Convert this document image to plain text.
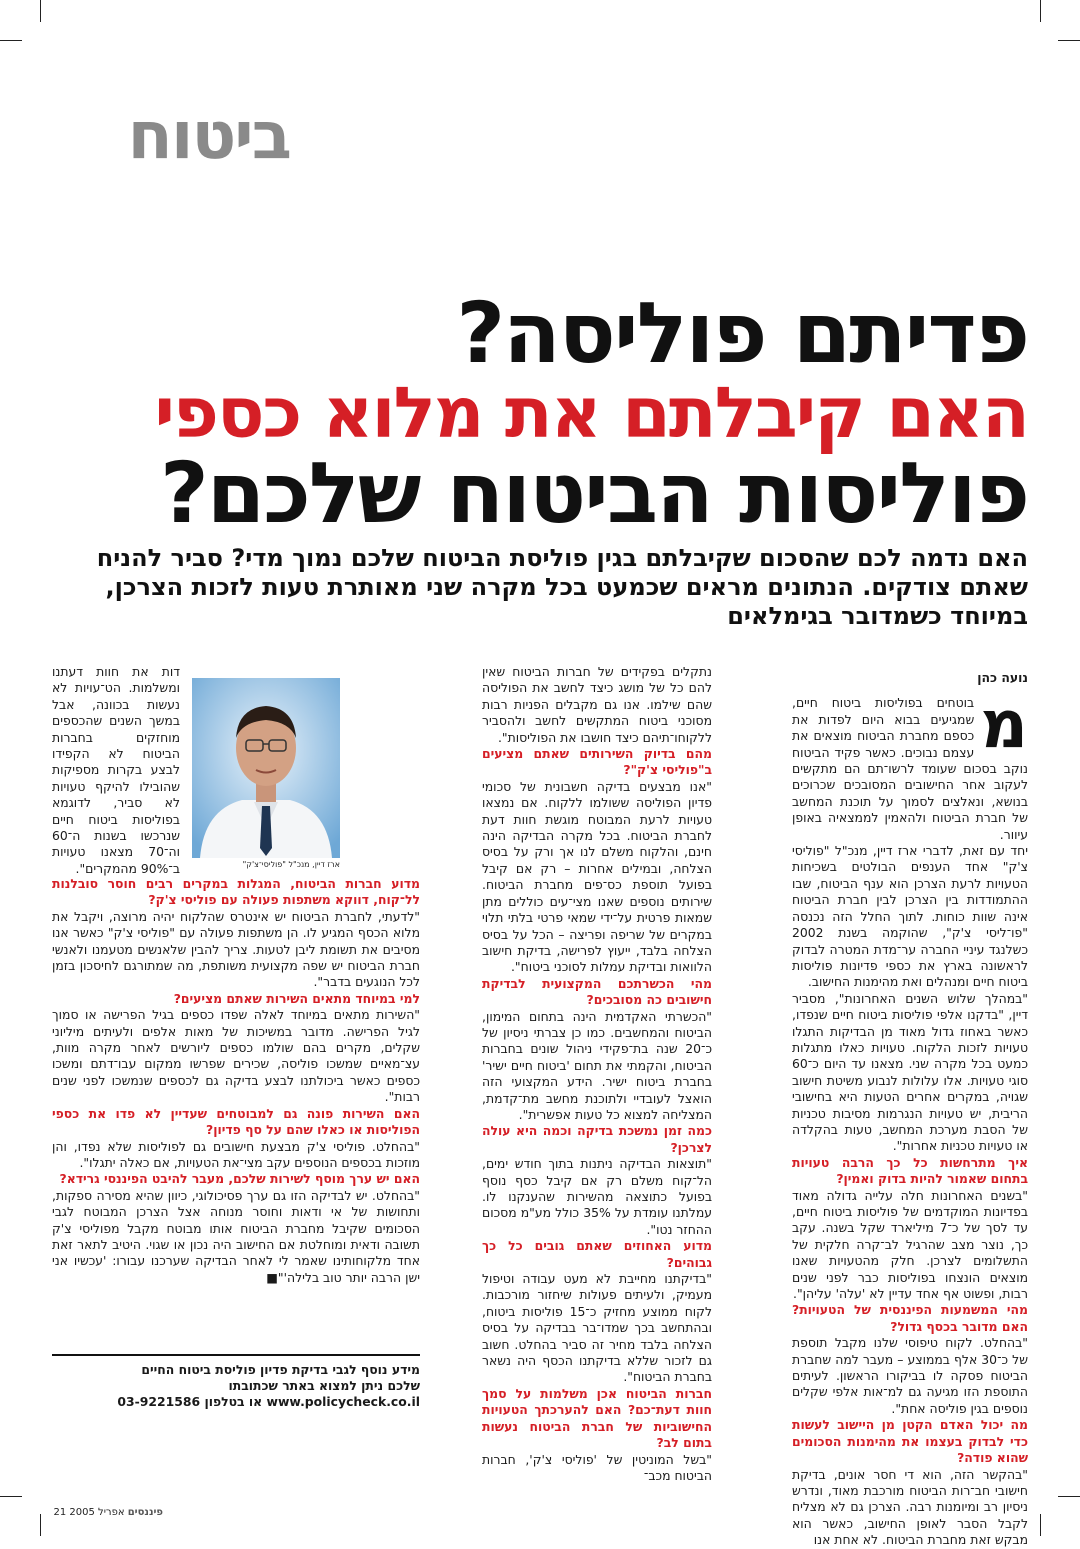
ביטוח
פדיתם פוליסה?
האם קיבלתם את מלוא כספי
פוליסות הביטוח שלכם?
האם נדמה לכם שהסכום שקיבלתם בגין פוליסת הביטוח שלכם נמוך מדי? סביר להניח שאתם צודקים. הנתונים מראים שכמעט בכל מקרה שני מאותרת טעות לזכות הצרכן, במיוחד כשמדובר בגימלאים
נועה כהן
מ

בוטחים בפוליסות ביטוח חיים, שמגיעים בבוא היום לפדות את כספם מחברת הביטוח מוצאים את עצמם נבוכים. כאשר פקיד הביטוח נוקב בסכום שעומד לרשו־תם הם מתקשים לעקוב אחר החישובים המסובכים שכרוכים בנושא, ונאלצים לסמוך על תוכנת המחשב של חברת הביטוח ולהאמין לממצאיה באופן עיוור.

יחד עם זאת, לדברי ארז דיין, מנכ"ל "פוליסי צ'ק" אחד הענפים הבולטים בשכיחות הטעויות לרעת הצרכן הוא ענף הביטוח, שבו ההתמודדות בין הצרכן לבין חברת הביטוח אינה שוות כוחות. לתוך החלל הזה נכנסה "פו־ליסי צ'ק", שהוקמה בשנת 2002 כשלנגד עיניי החברה ער־מדת המטרה לבדוק לראשונה בארץ את כספי פדיונות פוליסות ביטוח חיים ומנהלים ואת מהימנות החישוב.

"במהלך שלוש השנים האחרונות", מסביר דיין, "בדקנו אלפי פוליסות ביטוח חיים שנפדו, כאשר באחוז גדול מאוד מן הבדיקות התגלו טעויות לזכות הלקוח. טעויות כאלו מתגלות כמעט בכל מקרה שני. מצאנו עד היום כ־60 סוגי טעויות. אלו עלולות לנבוע משיטת חישוב שגויה, במקרים אחרים הטעות היא בחישובי הריבית, יש טעויות הנגרמות מסיבות טכניות של הסבת מערכת המחשב, טעות בהקלדה או טעויות טכניות אחרות".

איך מתרחשות כל כך הרבה טעויות בתחום שאמור להיות בדוק ואמין?

"בשנים האחרונות חלה עלייה גדולה מאוד בפדיונות המוקדמים של פוליסות ביטוח חיים, עד לסך של כ־7 מיליארד שקל בשנה. עקב כך, נוצר מצב שהרגיל לב־קרה חלקית של התשלומים לצרכן. חלק מהטעויות שאנו מוצאים הונצחו בפוליסות כבר לפני שנים רבות, ופשוט אף אחד עדיין לא 'עלה' עליהן".

מהי המשמעות הפיננסית של הטעויות? האם מדובר בכסף גדול?

"בהחלט. לקוח טיפוסי שלנו מקבל תוספת של כ־30 אלף בממוצע – מעבר למה שחברת הביטוח פסקה לו בביקורו הראשון. לעיתים התוספת הזו מגיעה גם למ־אות אלפי שקלים נוספים בגין פוליסה אחת".

מה יכול האדם הקטן מן היישוב לעשות כדי לבדוק בעצמו את מהימנות הסכומים שהוא פודה?

"בהקשר הזה, הוא די חסר אונים, בדיקת חישובי חב־רות הביטוח מורכבת מאוד, ונדרש ניסיון רב ומיומנות רבה. הצרכן גם לא מצליח לקבל הסבר לאופן החישוב, כאשר הוא מבקש זאת מחברת הביטוח. לא אחת אנו

נתקלים בפקידים של חברות הביטוח שאין להם כל של מושג כיצד לחשב את הפוליסה שהם שילמו. אנו גם מקבלים הפניות רבות מסוכני ביטוח המתקשים לחשב ולהסביר ללקוחו־תיהם כיצד חושבו את הפוליסות".

מהם בדיוק השירותים שאתם מציעים ב"פוליסי צ'ק"?

"אנו מבצעים בדיקה חשבונית של סכומי פדיון הפוליסה ששולמו ללקוח. אם נמצאו טעויות לרעת המבוטח מוגשת חוות דעת לחברת הביטוח. בכל מקרה הבדיקה הינה חינם, והלקוח משלם לנו אך ורק על בסיס הצלחה, ובמילים אחרות – רק אם קיבל בפועל תוספת כס־פים מחברת הביטוח. שירותים נוספים שאנו מצי־עים כוללים מתן שמאות פרטית על־ידי שמאי פרטי בלתי תלוי במקרים של שריפה ופריצה – הכל על בסיס הצלחה בלבד, ייעוץ לפרישה, בדיקת חישוב הלוואות ובדיקת עמלות לסוכני ביטוח".

מהי הכשרתכם המקצועית לבדיקת חישובים כה מסובכים?

"הכשרתי האקדמית הינה בתחום המימון, הביטוח והמחשבים. כמו כן צברתי ניסיון של כ־20 שנה בת־פקידי ניהול שונים בחברות הביטוח, והקמתי את תחום 'ביטוח חיים ישיר' בחברת ביטוח ישיר. הידע המקצועי הזה הואצל לעובדיי ולתוכנת מחשב מת־קדמת, המצליחה למצוא כל טעות אפשרית".

כמה זמן נמשכת בדיקה וכמה היא עולה לצרכן?

"תוצאות הבדיקה ניתנות בתוך חודש ימים, הל־קוח משלם רק אם קיבל כסף נוסף בפועל כתוצאה מהשירות שהענקנו לו. עמלתנו עומדת על 35% כולל מע"מ מסכום ההחזר נטו".

מדוע האחוזים שאתם גובים כל כך גבוהים?

"בדיקתנו מחייבת לא מעט עבודה וטיפול מעמיק, ולעיתים פעולות שיחזור מורכבות. לקוח ממוצע מחזיק כ־15 פוליסות ביטוח, ובהתחשב בכך שמדו־בר בבדיקה על בסיס הצלחה בלבד מחיר זה סביר בהחלט. חשוב גם לזכור שללא בדיקתנו הכסף היה נשאר בחברת הביטוח".

חברות הביטוח אכן משלמות על סמך חוות דעת־כם? האם להערכתך הטעויות החישוביות של חברת הביטוח נעשות בתום לב?

"בשל המוניטין של 'פוליסי צ'ק', חברות הביטוח מכב־

ארז דיין, מנכ"ל "פוליסי־צ'ק"

דות את חוות דעתנו ומשלמות. הט־עויות לא נעשות בכוונה, אבל במשך השנים שהכספים מוחזקים בחברות הביטוח לא הקפידו לבצע בקרות מספיקות שהובילו להיקף טעויות לא סביר, לדוגמא בפוליסות ביטוח חיים שנרכשו בשנות ה־60 וה־70 מצאנו טעויות ב־90% מהמקרים".

מדוע חברות הביטוח, המגלות במקרים רבים חוסר סובלנות לל־קוח, דווקא משתפות פעולה עם פוליסי צ'ק?

"לדעתי, לחברת הביטוח יש אינטרס שהלקוח יהיה מרוצה, ויקבל את מלוא הכסף המגיע לו. הן משתפות פעולה עם "פוליסי צ'ק" כאשר אנו מסיבים את תשומת ליבן לטעות. צריך להבין שלאנשים מטעמנו ולאנשי חברת הביטוח יש שפה מקצועית משותפת, מה שמתורגם לחיסכון בזמן לכל הנוגעים בדבר".

למי במיוחד מתאים השירות שאתם מציעים?

"השירות מתאים במיוחד לאלה שפדו כספים בגיל הפרישה או סמוך לגיל הפרישה. מדובר במשיכות של מאות אלפים ולעיתים מיליוני שקלים, מקרים בהם שולמו כספים ליורשים לאחר מקרה מוות, עצ־מאיים שמשכו פוליסה, שכירים שפרשו ממקום עבו־דתם ומשכו כספים כאשר ביכולתנו לבצע בדיקה גם לכספים שנמשכו לפני שנים רבות".

האם השירות פונה גם למבוטחים שעדיין לא פדו את כספי הפוליסות או כאלו שהם על סף פדיון?

"בהחלט. פוליסי צ'ק מבצעת חישובים גם לפוליסות שלא נפדו, והן מוזכות בכספים הנוספים עקב מצי־את הטעויות, אם כאלה יתגלו".

האם יש ערך מוסף לשירות שלכם, מעבר להיבט הפיננסי גרידא?

"בהחלט. יש לבדיקה הזו גם ערך פסיכולוגי, כיוון שהיא מסירה ספקות, ותחושות של אי ודאות וחוסר מנוחה אצל הצרכן המבוטח לגבי הסכומים שקיבל מחברת הביטוח אותו מבוטח מקבל מפוליסי צ'ק תשובה ודאית ומוחלטת אם החישוב היה נכון או שגוי. היטיב לתאר זאת אחד מלקוחותינו שאמר לי לאחר הבדיקה שערכנו עבורו: 'עכשיו אני ישן הרבה יותר טוב בלילה'"■

מידע נוסף לגבי בדיקת פדיון פוליסת ביטוח החיים
שלכם ניתן למצוא באתר שכתובתו
www.policycheck.co.il או בטלפון 03-9221586
פיננסים אפריל 2005 21
